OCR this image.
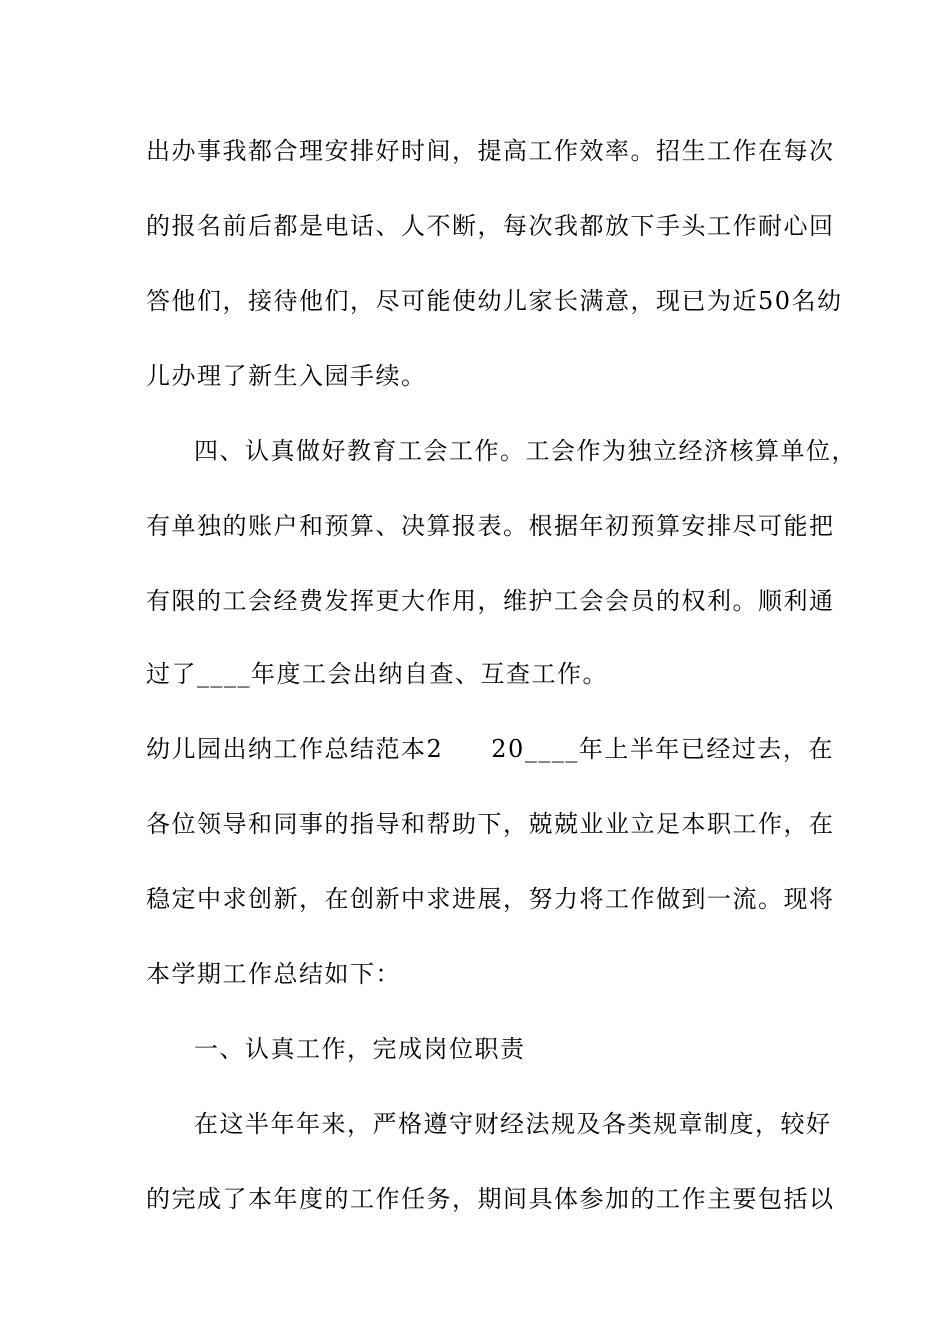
出办事我都合理安排好时间，提高工作效率。招生工作在每次
的报名前后都是电话、人不断，每次我都放下手头工作耐心回
答他们，接待他们，尽可能使幼儿家长满意，现已为近50名幼
儿办理了新生入园手续。
四、认真做好教育工会工作。工会作为独立经济核算单位，
有单独的账户和预算、决算报表。根据年初预算安排尽可能把
有限的工会经费发挥更大作用，维护工会会员的权利。顺利通
过了____年度工会出纳自查、互查工作。
幼儿园出纳工作总结范本2 20____年上半年已经过去，在
各位领导和同事的指导和帮助下，兢兢业业立足本职工作，在
稳定中求创新，在创新中求进展，努力将工作做到一流。现将
本学期工作总结如下：
一、认真工作，完成岗位职责
在这半年年来，严格遵守财经法规及各类规章制度，较好
的完成了本年度的工作任务，期间具体参加的工作主要包括以
